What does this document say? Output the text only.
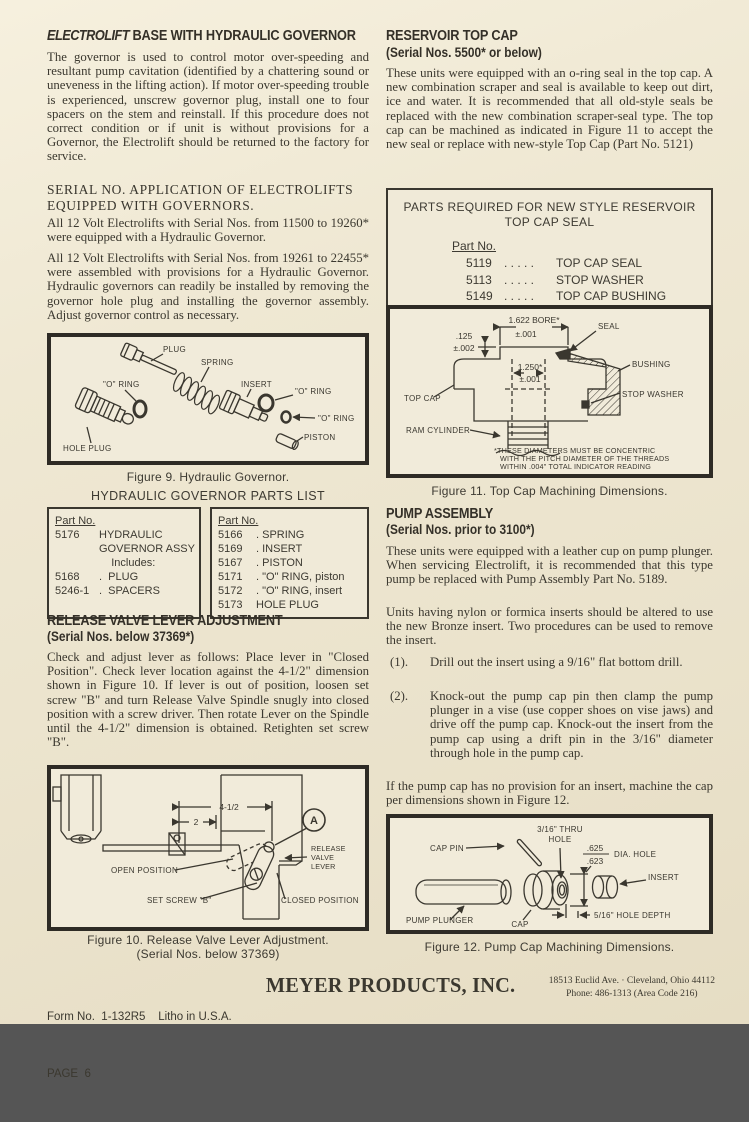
ELECTROLIFT BASE WITH HYDRAULIC GOVERNOR

The governor is used to control motor over-speeding and resultant pump cavitation (identified by a chattering sound or uneveness in the lifting action). If motor over-speeding trouble is experienced, unscrew governor plug, install one to four spacers on the stem and reinstall. If this procedure does not correct condition or if unit is without provisions for a Governor, the Electrolift should be returned to the factory for service.

SERIAL NO. APPLICATION OF ELECTROLIFTS
EQUIPPED WITH GOVERNORS.

All 12 Volt Electrolifts with Serial Nos. from 11500 to 19260* were equipped with a Hydraulic Governor.

All 12 Volt Electrolifts with Serial Nos. from 19261 to 22455* were assembled with provisions for a Hydraulic Governor. Hydraulic governors can readily be installed by removing the governor hole plug and installing the governor assembly. Adjust governor control as necessary.

PLUG
SPRING
INSERT
"O" RING
"O" RING
"O" RING
HOLE PLUG
PISTON
Figure 9. Hydraulic Governor.
HYDRAULIC GOVERNOR PARTS LIST
Part No.
5176	HYDRAULIC
GOVERNOR ASSY
Includes:
5168	.  PLUG
5246-1 .  SPACERS
Part No.
5166	. SPRING
5169	. INSERT
5167	. PISTON
5171	. "O" RING, piston
5172	. "O" RING, insert
5173	HOLE PLUG
RELEASE VALVE LEVER ADJUSTMENT
(Serial Nos. below 37369*)

Check and adjust lever as follows: Place lever in "Closed Position". Check lever location against the 4-1/2" dimension shown in Figure 10. If lever is out of position, loosen set screw "B" and turn Release Valve Spindle snugly into closed position with a screw driver. Then rotate Lever on the Spindle until the 4-1/2" dimension is obtained. Retighten set screw "B".

4-1/2
2	A
OPEN POSITION
SET SCREW "B"	CLOSED POSITION
RELEASE
VALVE
LEVER
Figure 10. Release Valve Lever Adjustment.
(Serial Nos. below 37369)
RESERVOIR TOP CAP
(Serial Nos. 5500* or below)

These units were equipped with an o-ring seal in the top cap. A new combination scraper and seal is available to keep out dirt, ice and water. It is recommended that all old-style seals be replaced with the new combination scraper-seal type. The top cap can be machined as indicated in Figure 11 to accept the new seal or replace with new-style Top Cap (Part No. 5121)

PARTS REQUIRED FOR NEW STYLE RESERVOIR
TOP CAP SEAL
Part No.
5119	. . . . .	TOP CAP SEAL
5113	. . . . .	STOP WASHER
5149 . . . . .	TOP CAP BUSHING
1.622 BORE*
±.001
.125
±.002
1.250*
±.001
SEAL
BUSHING
STOP WASHER
TOP CAP
RAM CYLINDER
*THESE DIAMETERS MUST BE CONCENTRIC
WITH THE PITCH DIAMETER OF THE THREADS
WITHIN .004" TOTAL INDICATOR READING
Figure 11. Top Cap Machining Dimensions.
PUMP ASSEMBLY
(Serial Nos. prior to 3100*)

These units were equipped with a leather cup on pump plunger. When servicing Electrolift, it is recommended that this type pump be replaced with Pump Assembly Part No. 5189.

Units having nylon or formica inserts should be altered to use the new Bronze insert. Two procedures can be used to remove the insert.

(1).	Drill out the insert using a 9/16" flat bottom drill.
(2).	Knock-out the pump cap pin then clamp the pump plunger in a vise (use copper shoes on vise jaws) and drive off the pump cap. Knock-out the insert from the pump cap using a drift pin in the 3/16" diameter through hole in the pump cap.

If the pump cap has no provision for an insert, machine the cap per dimensions shown in Figure 12.

CAP PIN
3/16" THRU
HOLE
.625
.623
DIA. HOLE
INSERT
PUMP PLUNGER	CAP
5/16" HOLE DEPTH
Figure 12. Pump Cap Machining Dimensions.

Form No.  1-132R5    Litho in U.S.A.

PAGE  6

MEYER PRODUCTS, INC.	18513 Euclid Ave. · Cleveland, Ohio 44112
Phone: 486-1313 (Area Code 216)
